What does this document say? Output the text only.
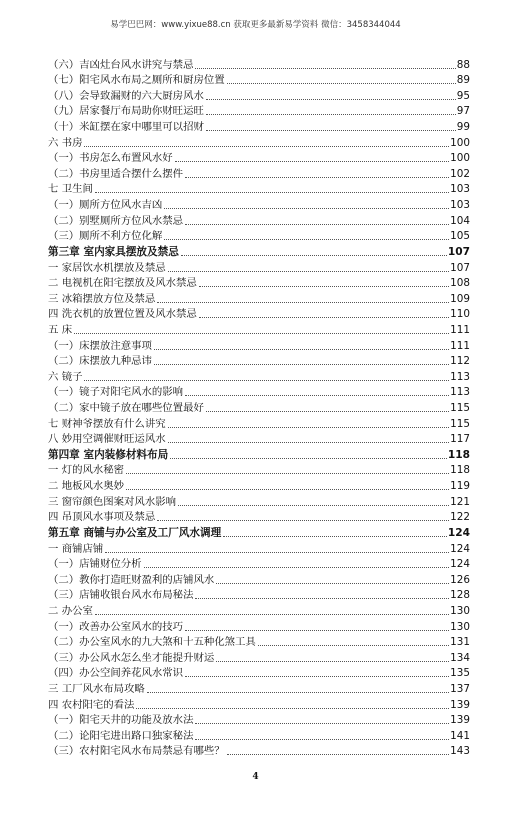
易学巴巴网：www.yixue88.cn 获取更多最新易学资料 微信：3458344044
（六）吉凶灶台风水讲究与禁忌	88
（七）阳宅风水布局之厕所和厨房位置	89
（八）会导致漏财的六大厨房风水	95
（九）居家餐厅布局助你财旺运旺	97
（十）米缸摆在家中哪里可以招财	99
六 书房	100
（一）书房怎么布置风水好	100
（二）书房里适合摆什么摆件	102
七 卫生间	103
（一）厕所方位风水吉凶	103
（二）别墅厕所方位风水禁忌	104
（三）厕所不利方位化解	105
第三章 室内家具摆放及禁忌	107
一 家居饮水机摆放及禁忌	107
二 电视机在阳宅摆放及风水禁忌	108
三 冰箱摆放方位及禁忌	109
四 洗衣机的放置位置及风水禁忌	110
五 床	111
（一）床摆放注意事项	111
（二）床摆放九种忌讳	112
六 镜子	113
（一）镜子对阳宅风水的影响	113
（二）家中镜子放在哪些位置最好	115
七 财神爷摆放有什么讲究	115
八 妙用空调催财旺运风水	117
第四章 室内装修材料布局	118
一 灯的风水秘密	118
二 地板风水奥妙	119
三 窗帘颜色图案对风水影响	121
四 吊顶风水事项及禁忌	122
第五章 商铺与办公室及工厂风水调理	124
一 商铺店铺	124
（一）店铺财位分析	124
（二）教你打造旺财盈利的店铺风水	126
（三）店铺收银台风水布局秘法	128
二 办公室	130
（一）改善办公室风水的技巧	130
（二）办公室风水的九大煞和十五种化煞工具	131
（三）办公风水怎么坐才能提升财运	134
（四）办公空间养花风水常识	135
三 工厂风水布局攻略	137
四 农村阳宅的看法	139
（一）阳宅天井的功能及放水法	139
（二）论阳宅进出路口独家秘法	141
（三）农村阳宅风水布局禁忌有哪些？	143
4
